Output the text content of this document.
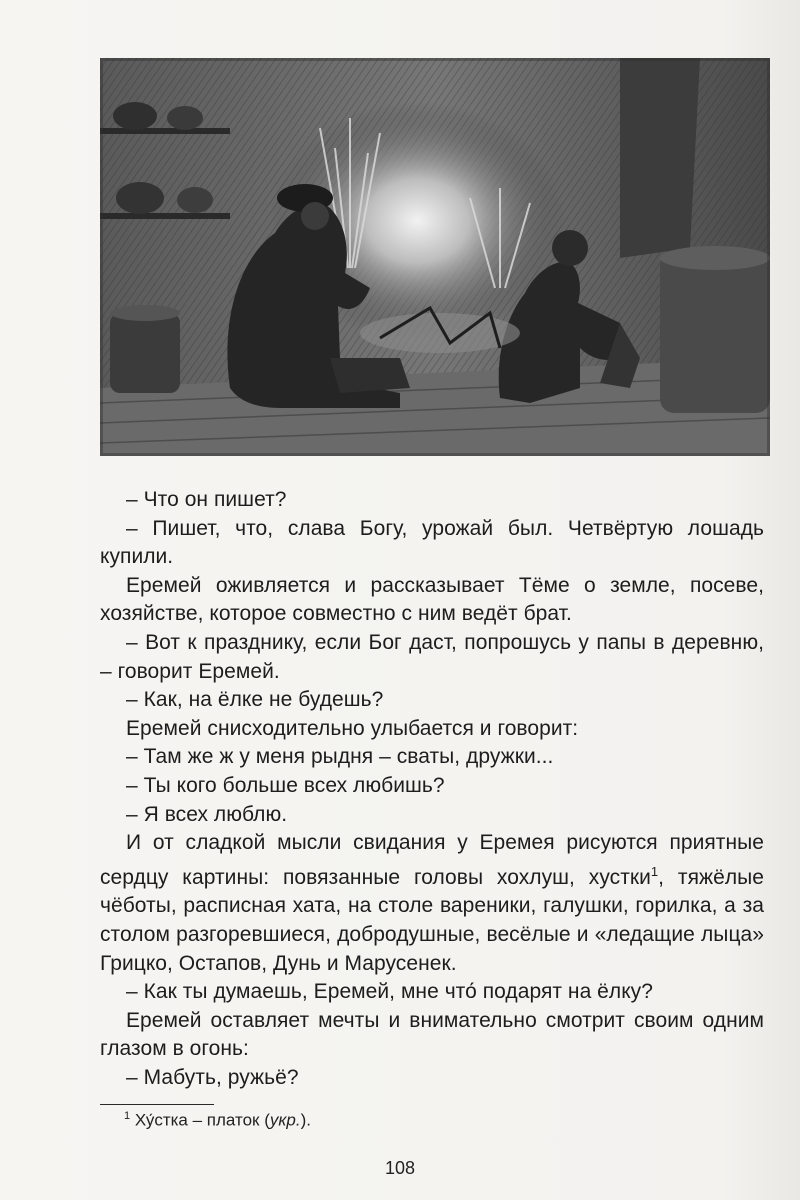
– Что он пишет?

– Пишет, что, слава Богу, урожай был. Четвёртую лошадь купили.

Еремей оживляется и рассказывает Тёме о земле, посеве, хозяйстве, которое совместно с ним ведёт брат.

– Вот к празднику, если Бог даст, попрошусь у папы в деревню, – говорит Еремей.

– Как, на ёлке не будешь?

Еремей снисходительно улыбается и говорит:

– Там же ж у меня рыдня – сваты, дружки...

– Ты кого больше всех любишь?

– Я всех люблю.

И от сладкой мысли свидания у Еремея рисуются приятные сердцу картины: повязанные головы хохлуш, хустки$^1$, тяжёлые чёботы, расписная хата, на столе вареники, галушки, горилка, а за столом разгоревшиеся, добродушные, весёлые и «ледащие лыца» Грицко, Остапов, Дунь и Марусенек.

– Как ты думаешь, Еремей, мне что́ подарят на ёлку?

Еремей оставляет мечты и внимательно смотрит своим одним глазом в огонь:

– Мабуть, ружьё?

$^1$ Ху́стка – платок (укр.).
108
